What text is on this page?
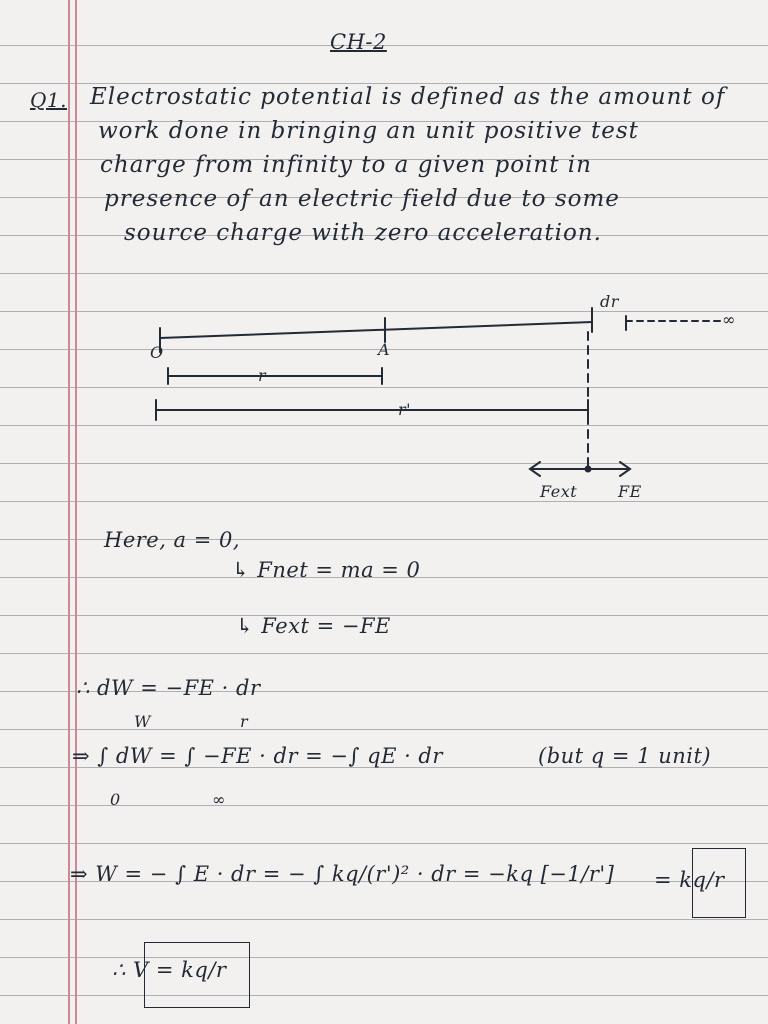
CH-2
Q1. Electrostatic potential is defined as the amount of
work done in bringing an unit positive test
charge from infinity to a given point in
presence of an electric field due to some
source charge with zero acceleration.
O	A
dr
∞
r
r'
Fext	FE
Here, a = 0,
↳ Fnet = ma = 0
↳ Fext = −FE
∴ dW = −FE · dr
⇒ ∫ dW = ∫ −FE · dr = −∫ qE · dr
W
0
r
∞
(but q = 1 unit)
⇒ W = − ∫ E · dr = − ∫ kq/(r')² · dr = −kq [−1/r'] = kq/r
∴ V = kq/r
